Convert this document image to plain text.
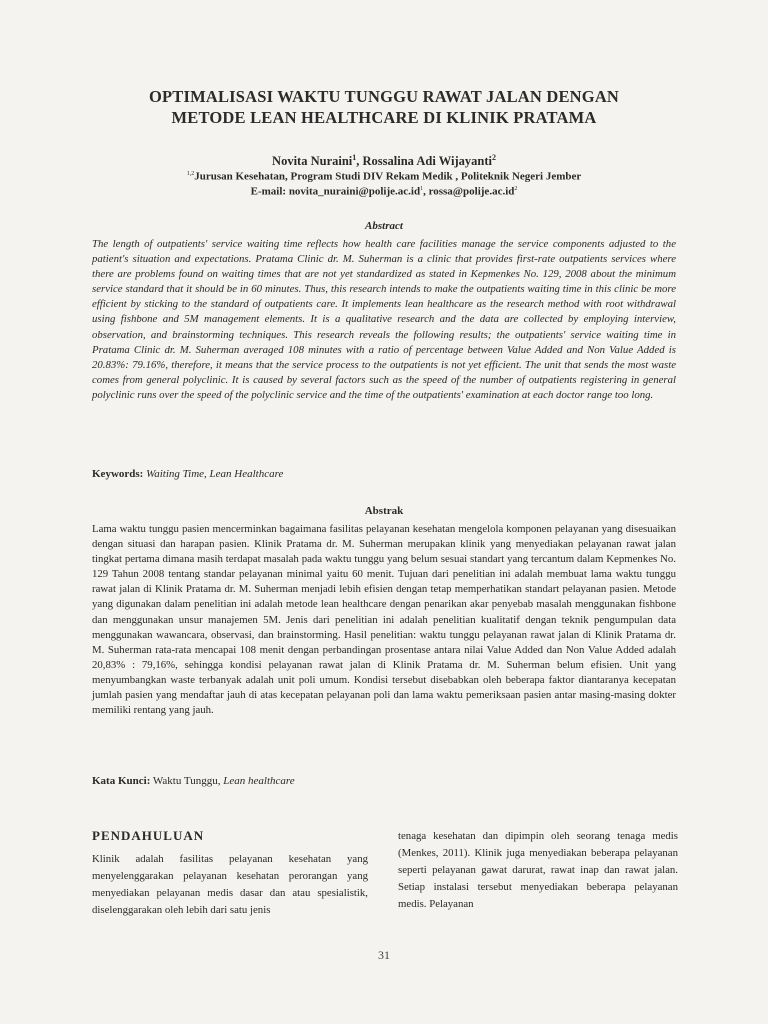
OPTIMALISASI WAKTU TUNGGU RAWAT JALAN DENGAN
METODE LEAN HEALTHCARE DI KLINIK PRATAMA
Novita Nuraini$^1$, Rossalina Adi Wijayanti$^2$
$^{1,2}$Jurusan Kesehatan, Program Studi DIV Rekam Medik , Politeknik Negeri Jember
E-mail: $novita\_nuraini@polije.ac.id^1$, $rossa@polije.ac.id^2$
Abstract

The length of outpatients' service waiting time reflects how health care facilities manage the service components adjusted to the patient's situation and expectations. Pratama Clinic dr. M. Suherman is a clinic that provides first-rate outpatients services where there are problems found on waiting times that are not yet standardized as stated in Kepmenkes No. 129, 2008 about the minimum service standard that it should be in 60 minutes. Thus, this research intends to make the outpatients waiting time in this clinic be more efficient by sticking to the standard of outpatients care. It implements lean healthcare as the research method with root withdrawal using fishbone and 5M management elements. It is a qualitative research and the data are collected by employing interview, observation, and brainstorming techniques. This research reveals the following results; the outpatients' service waiting time in Pratama Clinic dr. M. Suherman averaged 108 minutes with a ratio of percentage between Value Added and Non Value Added is 20.83%: 79.16%, therefore, it means that the service process to the outpatients is not yet efficient. The unit that sends the most waste comes from general polyclinic. It is caused by several factors such as the speed of the number of outpatients registering in general polyclinic runs over the speed of the polyclinic service and the time of the outpatients' examination at each doctor range too long.

Keywords: Waiting Time, Lean Healthcare
Abstrak

Lama waktu tunggu pasien mencerminkan bagaimana fasilitas pelayanan kesehatan mengelola komponen pelayanan yang disesuaikan dengan situasi dan harapan pasien. Klinik Pratama dr. M. Suherman merupakan klinik yang menyediakan pelayanan rawat jalan tingkat pertama dimana masih terdapat masalah pada waktu tunggu yang belum sesuai standart yang tercantum dalam Kepmenkes No. 129 Tahun 2008 tentang standar pelayanan minimal yaitu 60 menit. Tujuan dari penelitian ini adalah membuat lama waktu tunggu rawat jalan di Klinik Pratama dr. M. Suherman menjadi lebih efisien dengan tetap memperhatikan standart pelayanan pasien. Metode yang digunakan dalam penelitian ini adalah metode lean healthcare dengan penarikan akar penyebab masalah menggunakan fishbone dan menggunakan unsur manajemen 5M. Jenis dari penelitian ini adalah penelitian kualitatif dengan teknik pengumpulan data menggunakan wawancara, observasi, dan brainstorming. Hasil penelitian: waktu tunggu pelayanan rawat jalan di Klinik Pratama dr. M. Suherman rata-rata mencapai 108 menit dengan perbandingan prosentase antara nilai Value Added dan Non Value Added adalah 20,83% : 79,16%, sehingga kondisi pelayanan rawat jalan di Klinik Pratama dr. M. Suherman belum efisien. Unit yang menyumbangkan waste terbanyak adalah unit poli umum. Kondisi tersebut disebabkan oleh beberapa faktor diantaranya kecepatan jumlah pasien yang mendaftar jauh di atas kecepatan pelayanan poli dan lama waktu pemeriksaan pasien antar masing-masing dokter memiliki rentang yang jauh.

Kata Kunci: Waktu Tunggu, Lean healthcare
PENDAHULUAN

Klinik adalah fasilitas pelayanan kesehatan yang menyelenggarakan pelayanan kesehatan perorangan yang menyediakan pelayanan medis dasar dan atau spesialistik, diselenggarakan oleh lebih dari satu jenis

tenaga kesehatan dan dipimpin oleh seorang tenaga medis (Menkes, 2011). Klinik juga menyediakan beberapa pelayanan seperti pelayanan gawat darurat, rawat inap dan rawat jalan. Setiap instalasi tersebut menyediakan beberapa pelayanan medis. Pelayanan

31
